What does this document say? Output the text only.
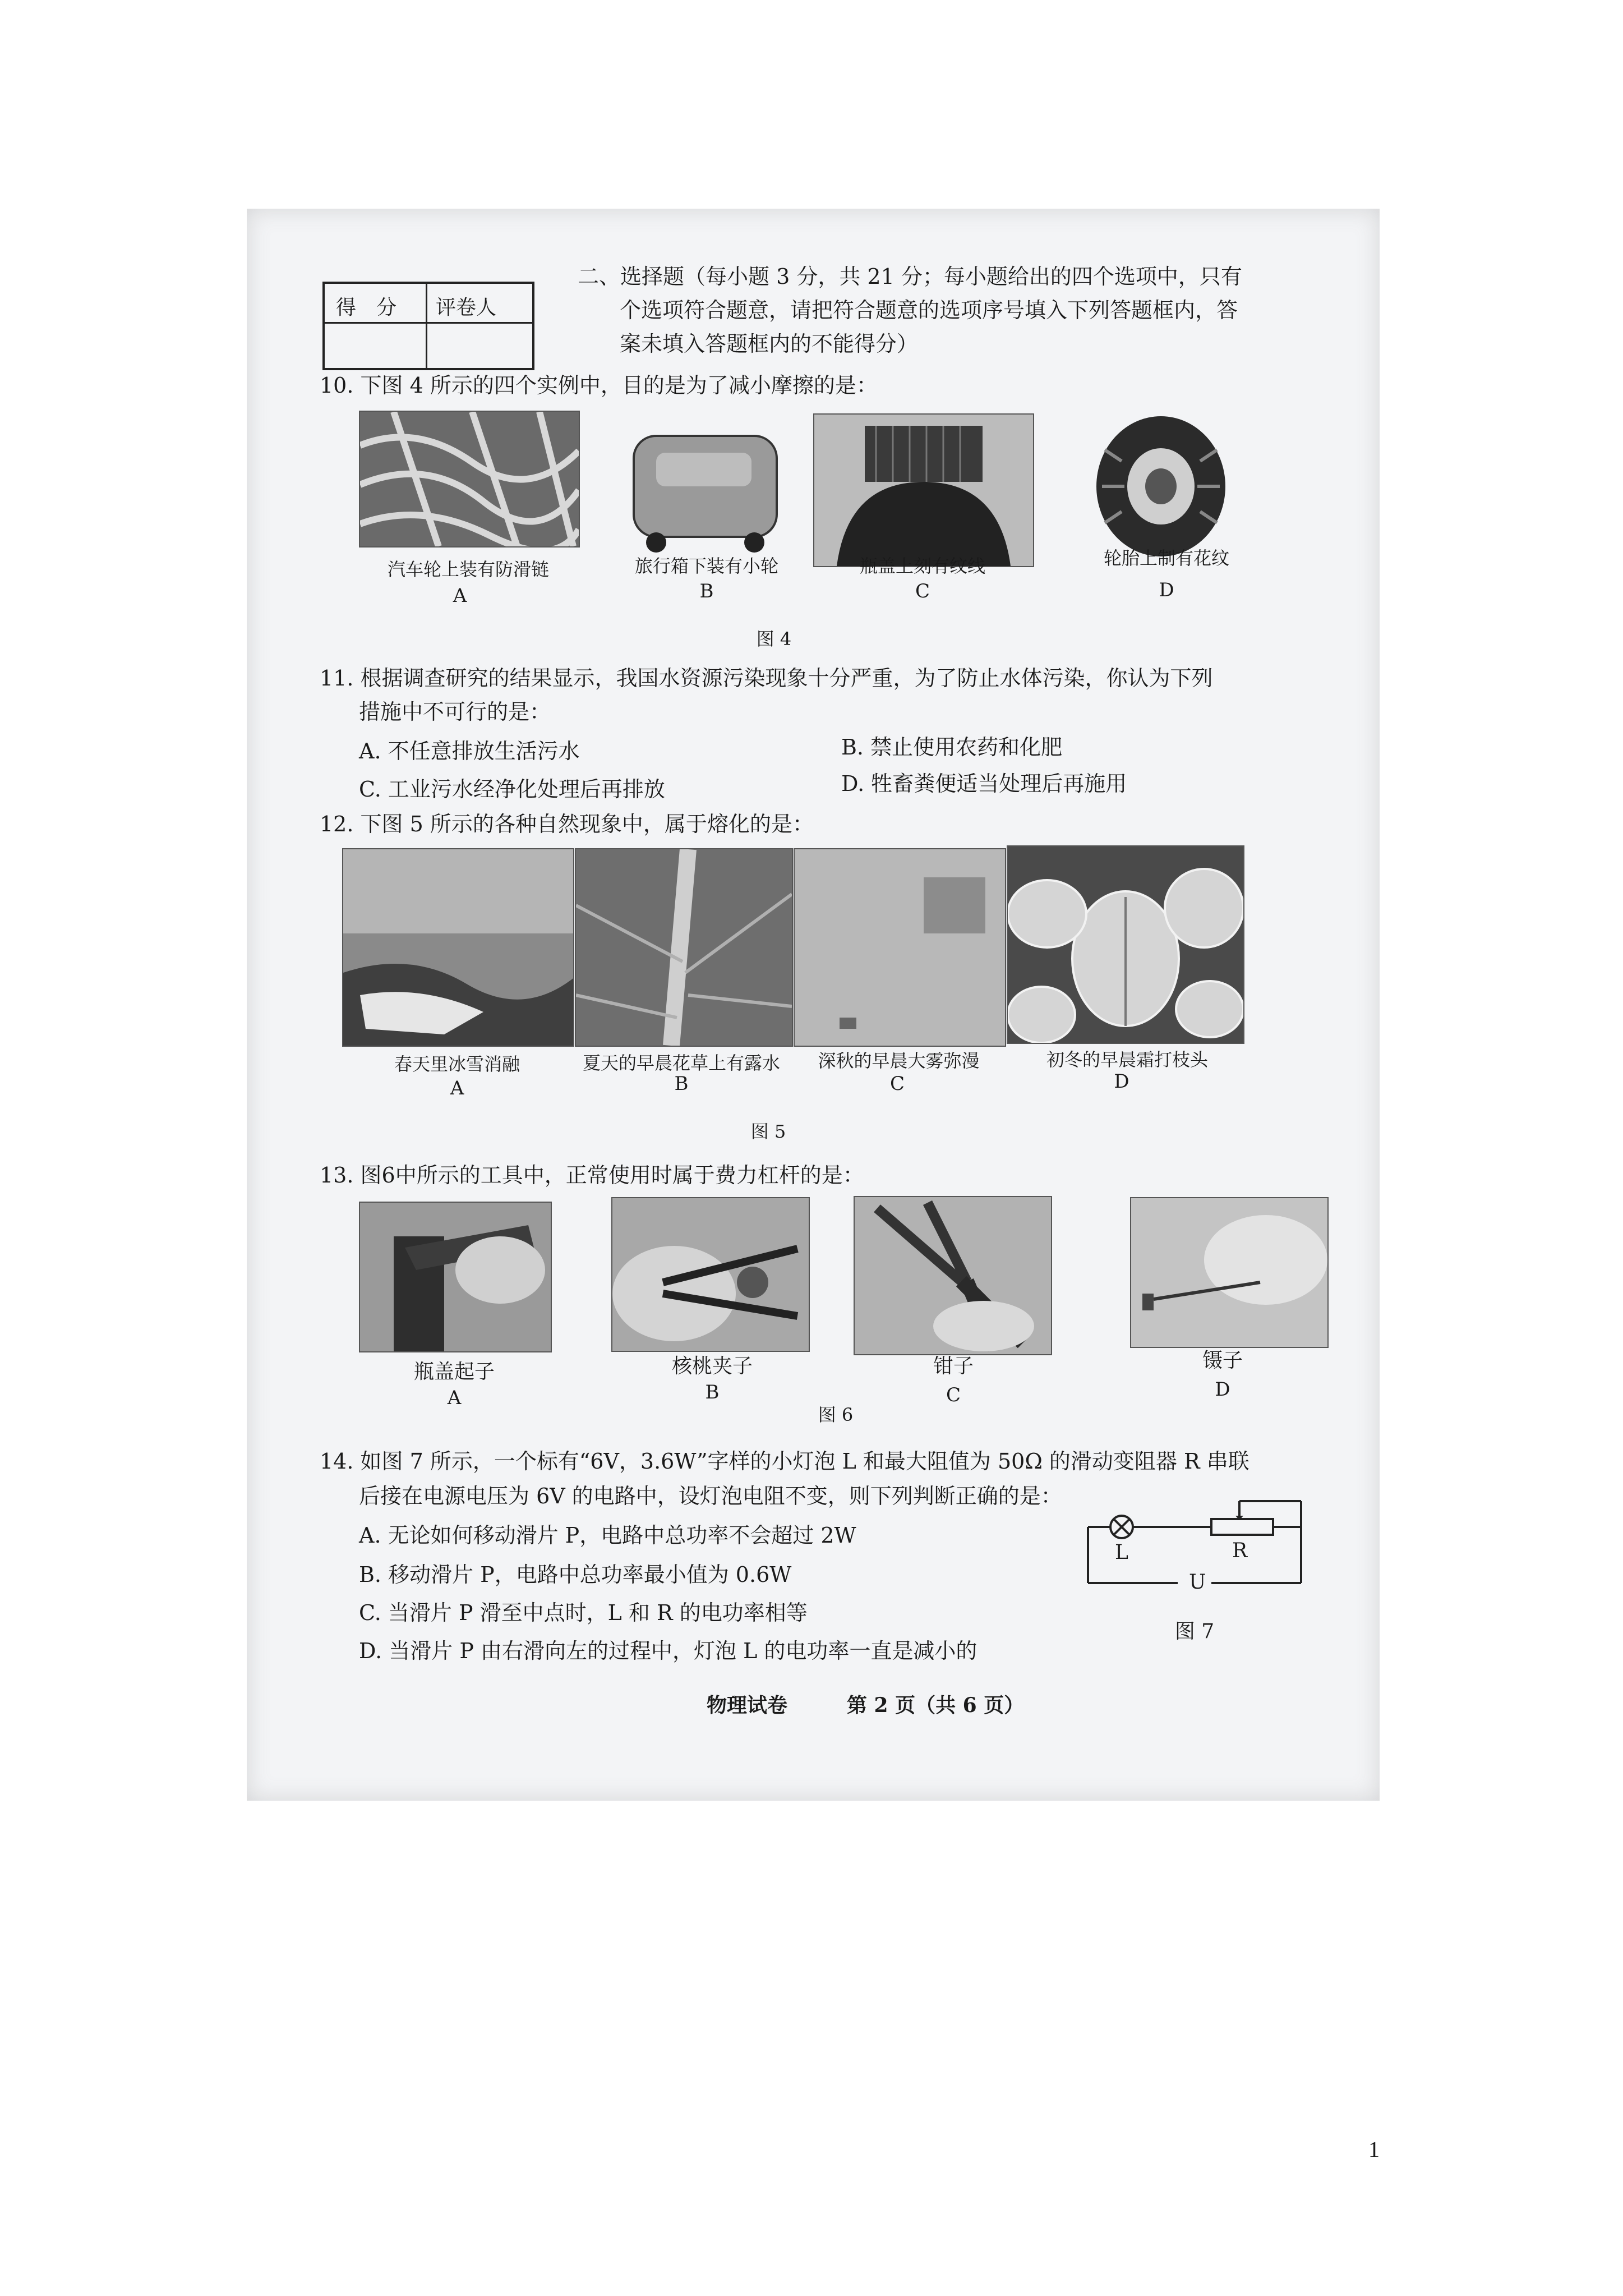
得　分 评卷人
二、选择题（每小题 3 分，共 21 分；每小题给出的四个选项中，只有
个选项符合题意，请把符合题意的选项序号填入下列答题框内，答
案未填入答题框内的不能得分）
10. 下图 4 所示的四个实例中，目的是为了减小摩擦的是：
汽车轮上装有防滑链	旅行箱下装有小轮	瓶盖上刻有纹线	轮胎上制有花纹
A	B	C	D
图 4
11. 根据调查研究的结果显示，我国水资源污染现象十分严重，为了防止水体污染，你认为下列
措施中不可行的是：
A. 不任意排放生活污水	B. 禁止使用农药和化肥
C. 工业污水经净化处理后再排放	D. 牲畜粪便适当处理后再施用
12. 下图 5 所示的各种自然现象中，属于熔化的是：
春天里冰雪消融	夏天的早晨花草上有露水	深秋的早晨大雾弥漫	初冬的早晨霜打枝头
A	B	C	D
图 5
13. 图6中所示的工具中，正常使用时属于费力杠杆的是：
瓶盖起子	核桃夹子	钳子	镊子
A	B	C	D
图 6
14. 如图 7 所示，一个标有“6V，3.6W”字样的小灯泡 L 和最大阻值为 50Ω 的滑动变阻器 R 串联
后接在电源电压为 6V 的电路中，设灯泡电阻不变，则下列判断正确的是：
A. 无论如何移动滑片 P，电路中总功率不会超过 2W
B. 移动滑片 P，电路中总功率最小值为 0.6W
C. 当滑片 P 滑至中点时，L 和 R 的电功率相等
D. 当滑片 P 由右滑向左的过程中，灯泡 L 的电功率一直是减小的
L	R
U
图 7
物理试卷	第 2 页（共 6 页）
1
